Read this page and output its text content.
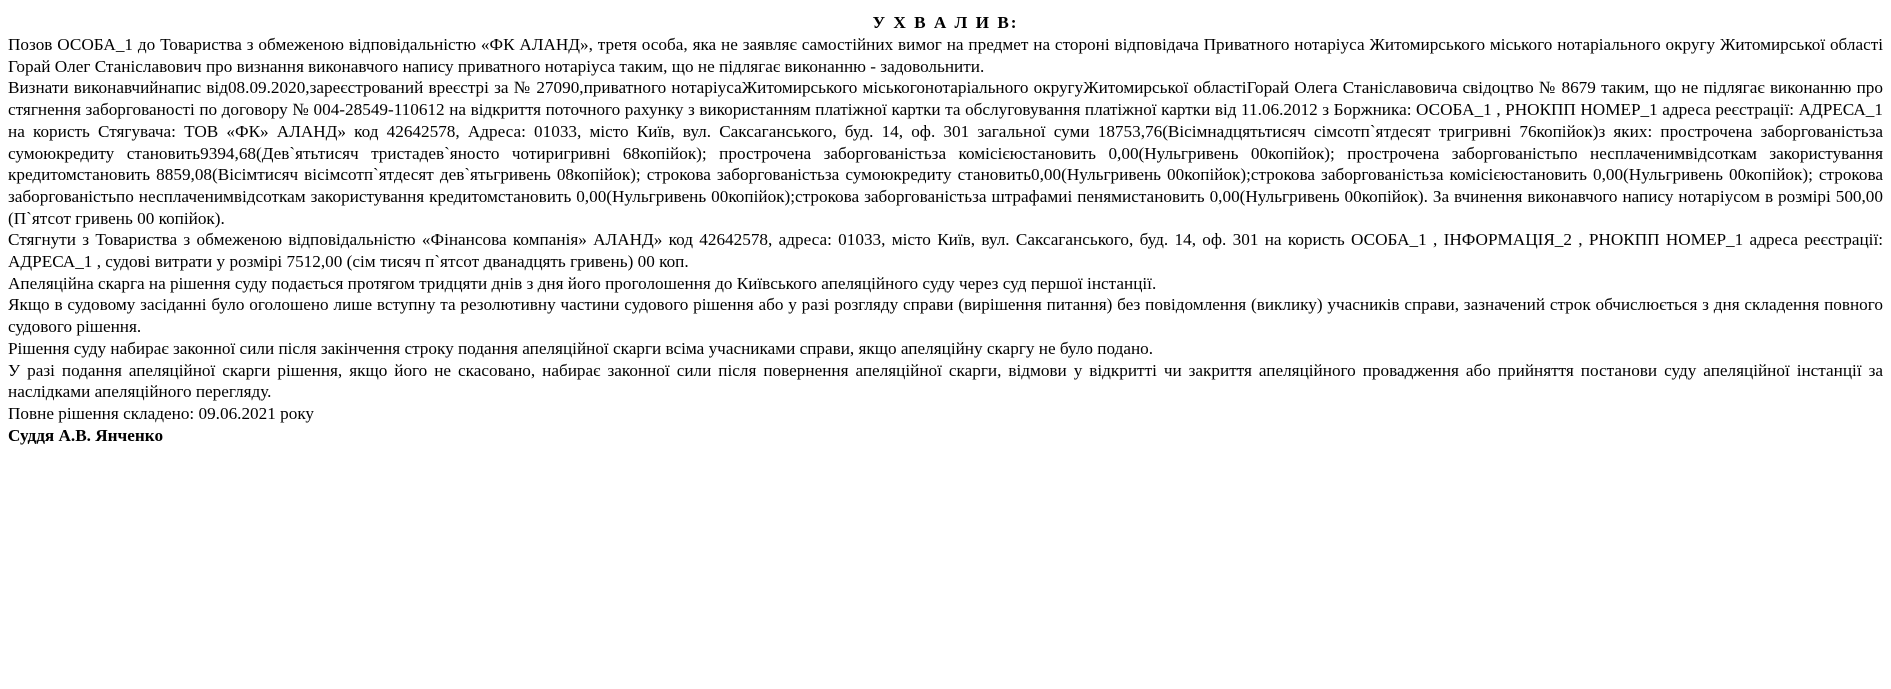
У Х В А Л И В:

Позов ОСОБА_1 до Товариства з обмеженою відповідальністю «ФК АЛАНД», третя особа, яка не заявляє самостійних вимог на предмет на стороні відповідача Приватного нотаріуса Житомирського міського нотаріального округу Житомирської області Горай Олег Станіславович про визнання виконавчого напису приватного нотаріуса таким, що не підлягає виконанню - задовольнити.

Визнати виконавчийнапис від08.09.2020,зареєстрований вреєстрі за № 27090,приватного нотаріусаЖитомирського міськогонотаріального округуЖитомирської областіГорай Олега Станіславовича свідоцтво № 8679 таким, що не підлягає виконанню про стягнення заборгованості по договору № 004-28549-110612 на відкриття поточного рахунку з використанням платіжної картки та обслуговування платіжної картки від 11.06.2012 з Боржника: ОСОБА_1 , РНОКПП НОМЕР_1 адреса реєстрації: АДРЕСА_1 на користь Стягувача: ТОВ «ФК» АЛАНД» код 42642578, Адреса: 01033, місто Київ, вул. Саксаганського, буд. 14, оф. 301 загальної суми 18753,76(Вісімнадцятьтисяч сімсотп`ятдесят тригривні 76копійок)з яких: прострочена заборгованістьза сумоюкредиту становить9394,68(Дев`ятьтисяч тристадев`яносто чотиригривні 68копійок); прострочена заборгованістьза комісієюстановить 0,00(Нульгривень 00копійок); прострочена заборгованістьпо несплаченимвідсоткам закористування кредитомстановить 8859,08(Вісімтисяч вісімсотп`ятдесят дев`ятьгривень 08копійок); строкова заборгованістьза сумоюкредиту становить0,00(Нульгривень 00копійок);строкова заборгованістьза комісієюстановить 0,00(Нульгривень 00копійок); строкова заборгованістьпо несплаченимвідсоткам закористування кредитомстановить 0,00(Нульгривень 00копійок);строкова заборгованістьза штрафамиі пенямистановить 0,00(Нульгривень 00копійок). За вчинення виконавчого напису нотаріусом в розмірі 500,00 (П`ятсот гривень 00 копійок).

Стягнути з Товариства з обмеженою відповідальністю «Фінансова компанія» АЛАНД» код 42642578, адреса: 01033, місто Київ, вул. Саксаганського, буд. 14, оф. 301 на користь ОСОБА_1 , ІНФОРМАЦІЯ_2 , РНОКПП НОМЕР_1 адреса реєстрації: АДРЕСА_1 , судові витрати у розмірі 7512,00 (сім тисяч п`ятсот дванадцять гривень) 00 коп.

Апеляційна скарга на рішення суду подається протягом тридцяти днів з дня його проголошення до Київського апеляційного суду через суд першої інстанції.

Якщо в судовому засіданні було оголошено лише вступну та резолютивну частини судового рішення або у разі розгляду справи (вирішення питання) без повідомлення (виклику) учасників справи, зазначений строк обчислюється з дня складення повного судового рішення.

Рішення суду набирає законної сили після закінчення строку подання апеляційної скарги всіма учасниками справи, якщо апеляційну скаргу не було подано.

У разі подання апеляційної скарги рішення, якщо його не скасовано, набирає законної сили після повернення апеляційної скарги, відмови у відкритті чи закриття апеляційного провадження або прийняття постанови суду апеляційної інстанції за наслідками апеляційного перегляду.

Повне рішення складено: 09.06.2021 року

Суддя А.В. Янченко
